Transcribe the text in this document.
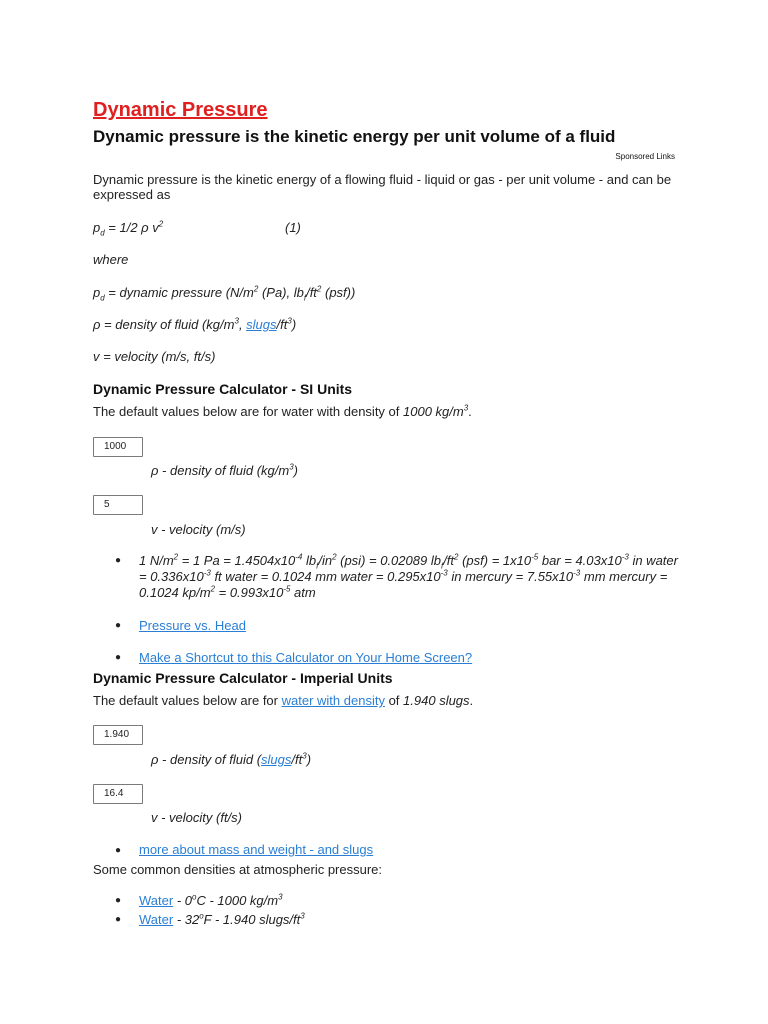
Dynamic Pressure
Dynamic pressure is the kinetic energy per unit volume of a fluid
Sponsored Links

Dynamic pressure is the kinetic energy of a flowing fluid - liquid or gas - per unit volume - and can be expressed as

$p_d = 1/2$ ρ $v^2$	(1)

where

$p_d$ = dynamic pressure ($N/m^2$ (Pa), $lb_f/ft^2$ (psf))

ρ = density of fluid ($kg/m^3$, slugs/$ft^3$)

v = velocity (m/s, ft/s)

Dynamic Pressure Calculator - SI Units

The default values below are for water with density of 1000 $kg/m^3$.

1000
ρ - density of fluid $(kg/m^3)$
5
v - velocity (m/s)
● 1 $N/m^2 = 1$ $Pa = 1.4504x10^{-4}$ $lb_f/in^2$ (psi) = 0.02089 $lb_f/ft^2$ $(psf) = 1x10^{-5}$ bar = $4.03x10^{-3}$ in water = $0.336x10^{-3}$ ft water = 0.1024 mm water = $0.295x10^{-3}$ in mercury = $7.55x10^{-3}$ mm mercury = 0.1024 $kp/m^2 = 0.993x10^{-5}$ atm
● Pressure vs. Head
● Make a Shortcut to this Calculator on Your Home Screen?
Dynamic Pressure Calculator - Imperial Units

The default values below are for water with density of 1.940 slugs.

1.940
ρ - density of fluid $(slugs/ft^3)$
16.4
v - velocity (ft/s)
● more about mass and weight - and slugs

Some common densities at atmospheric pressure:

● Water - 0$^o$C - 1000 $kg/m^3$
● Water - 32$^o$F - 1.940 slugs/$ft^3$
